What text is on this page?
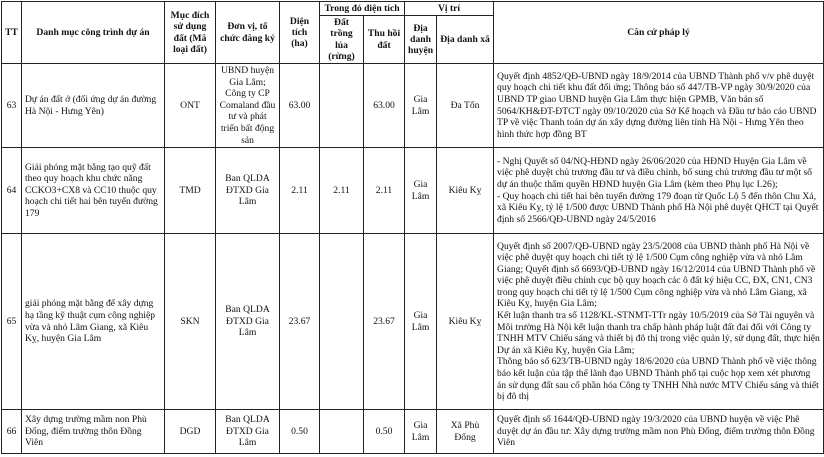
TT	Danh mục công trình dự án	Mục đích sử dụng đất (Mã loại đất)	Đơn vị, tổ chức đăng ký	Diện tích (ha)	Trong đó diện tích		Vị trí		Căn cứ pháp lý
					Đất trồng lúa (rừng)	Thu hồi đất	Địa danh huyện	Địa danh xã	

63	Dự án đất ở (đối ứng dự án đường Hà Nội - Hưng Yên)	ONT	UBND huyện Gia Lâm; Công ty CP Comaland đầu tư và phát triển bất động sản	63.00		63.00	Gia Lâm	Đa Tốn	Quyết định 4852/QĐ-UBND ngày 18/9/2014 của UBND Thành phố v/v phê duyệt quy hoạch chi tiết khu đất đối ứng; Thông báo số 447/TB-VP ngày 30/9/2020 của UBND TP giao UBND huyện Gia Lâm thực hiện GPMB, Văn bản số 5064/KH&ĐT-ĐTCT ngày 09/10/2020 của Sở Kế hoạch và Đầu tư báo cáo UBND TP về việc Thanh toán dự án xây dựng đường liên tỉnh Hà Nội - Hưng Yên theo hình thức hợp đồng BT

64	Giải phóng mặt bằng tạo quỹ đất theo quy hoạch khu chức năng CCKO3+CX8 và CC10 thuộc quy hoạch chi tiết hai bên tuyến đường 179	TMD	Ban QLDA ĐTXD Gia Lâm	2.11	2.11	2.11	Gia Lâm	Kiêu Kỵ	- Nghị Quyết số 04/NQ-HĐND ngày 26/06/2020 của HĐND Huyện Gia Lâm về việc phê duyệt chủ trương đầu tư và điều chỉnh, bổ sung chủ trương đầu tư một số dự án thuộc thẩm quyền HĐND huyện Gia Lâm (kèm theo Phụ lục I.26);
- Quy hoạch chi tiết hai bên tuyến đường 179 đoạn từ Quốc Lộ 5 đến thôn Chu Xá, xã Kiêu Kỵ, tỷ lệ 1/500 được UBND Thành phố Hà Nội phê duyệt QHCT tại Quyết định số 2566/QĐ-UBND ngày 24/5/2016

65	giải phóng mặt bằng để xây dựng hạ tầng kỹ thuật cụm công nghiệp vừa và nhỏ Lâm Giang, xã Kiêu Kỵ, huyện Gia Lâm	SKN	Ban QLDA ĐTXD Gia Lâm	23.67		23.67	Gia Lâm	Kiêu Kỵ	Quyết định số 2007/QĐ-UBND ngày 23/5/2008 của UBND thành phố Hà Nội về việc phê duyệt quy hoạch chi tiết tỷ lệ 1/500 Cụm công nghiệp vừa và nhỏ Lâm Giang; Quyết định số 6693/QĐ-UBND ngày 16/12/2014 của UBND Thành phố về việc phê duyệt điều chỉnh cục bộ quy hoạch các ô đất ký hiệu CC, ĐX, CN1, CN3 trong quy hoạch chi tiết tỷ lệ 1/500 Cụm công nghiệp vừa và nhỏ Lâm Giang, xã Kiêu Kỵ, huyện Gia Lâm;
Kết luận thanh tra số 1128/KL-STNMT-TTr ngày 10/5/2019 của Sở Tài nguyên và Môi trường Hà Nội kết luận thanh tra chấp hành pháp luật đất đai đối với Công ty TNHH MTV Chiếu sáng và thiết bị đô thị trong việc quản lý, sử dụng đất, thực hiện Dự án xã Kiêu Kỵ, huyện Gia Lâm;
Thông báo số 623/TB-UBND ngày 18/6/2020 của UBND Thành phố về việc thông báo kết luận của tập thể lãnh đạo UBND Thành phố tại cuộc họp xem xét phương án sử dụng đất sau cổ phần hóa Công ty TNHH Nhà nước MTV Chiếu sáng và thiết bị đô thị

66	Xây dựng trường mầm non Phù Đổng, điểm trường thôn Đồng Viên	DGD	Ban QLDA ĐTXD Gia Lâm	0.50		0.50	Gia Lâm	Xã Phù Đổng	Quyết định số 1644/QĐ-UBND ngày 19/3/2020 của UBND huyện về việc Phê duyệt dự án đầu tư: Xây dựng trường mầm non Phù Đổng, điểm trường thôn Đồng Viên
